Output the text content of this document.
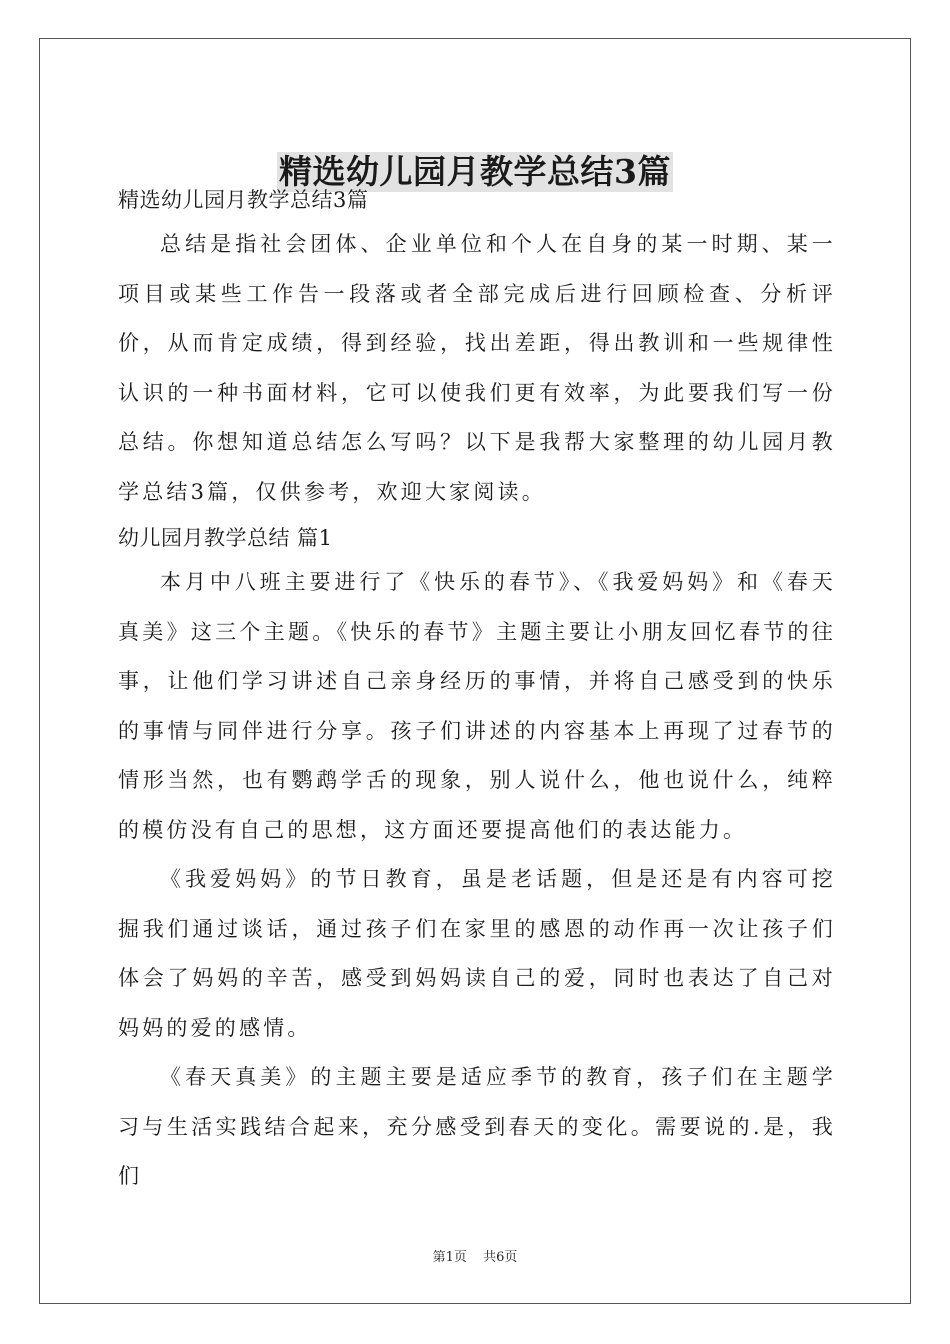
精选幼儿园月教学总结3篇

精选幼儿园月教学总结3篇

总结是指社会团体、企业单位和个人在自身的某一时期、某一项目或某些工作告一段落或者全部完成后进行回顾检查、分析评价，从而肯定成绩，得到经验，找出差距，得出教训和一些规律性认识的一种书面材料，它可以使我们更有效率，为此要我们写一份总结。你想知道总结怎么写吗？以下是我帮大家整理的幼儿园月教学总结3篇，仅供参考，欢迎大家阅读。

幼儿园月教学总结 篇1

本月中八班主要进行了《快乐的春节》、《我爱妈妈》和《春天真美》这三个主题。《快乐的春节》主题主要让小朋友回忆春节的往事，让他们学习讲述自己亲身经历的事情，并将自己感受到的快乐的事情与同伴进行分享。孩子们讲述的内容基本上再现了过春节的情形当然，也有鹦鹉学舌的现象，别人说什么，他也说什么，纯粹的模仿没有自己的思想，这方面还要提高他们的表达能力。

《我爱妈妈》的节日教育，虽是老话题，但是还是有内容可挖掘我们通过谈话，通过孩子们在家里的感恩的动作再一次让孩子们体会了妈妈的辛苦，感受到妈妈读自己的爱，同时也表达了自己对妈妈的爱的感情。

《春天真美》的主题主要是适应季节的教育，孩子们在主题学习与生活实践结合起来，充分感受到春天的变化。需要说的.是，我们

第1页 共6页
